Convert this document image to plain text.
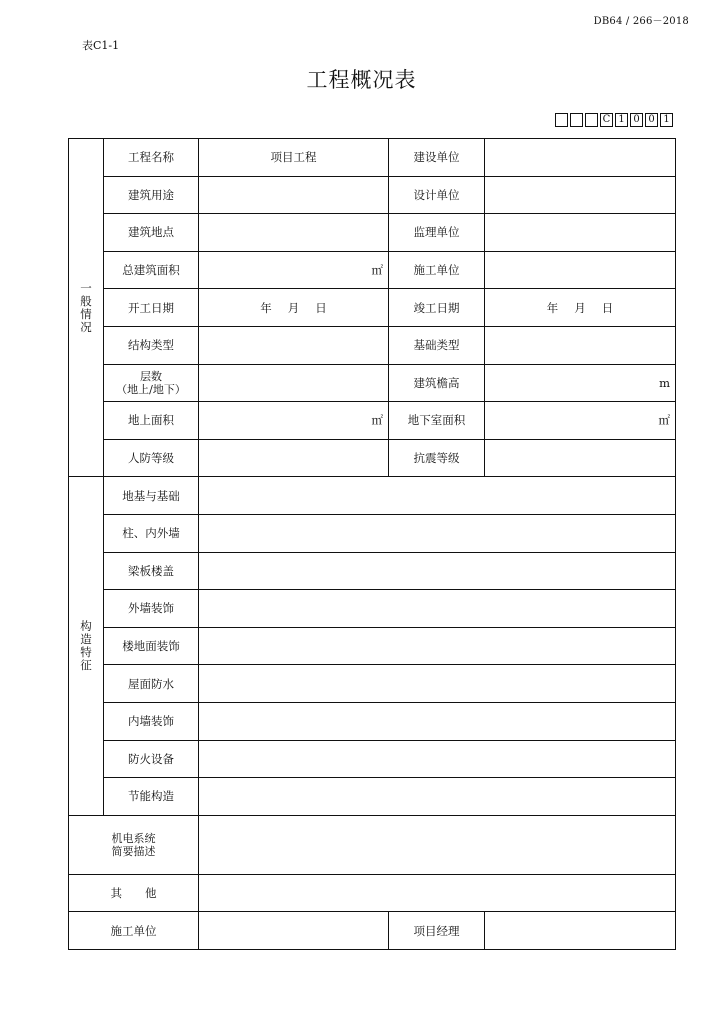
DB64 / 266－2018
表C1-1
工程概况表
C 1 0 0 1
一般情况	工程名称	项目工程	建设单位	
	建筑用途		设计单位	
	建筑地点		监理单位	
	总建筑面积	㎡	施工单位	
	开工日期	年 月 日	竣工日期	年 月 日
	结构类型		基础类型	

	层数
（地上/地下）		建筑檐高	m
	地上面积	㎡	地下室面积	㎡
	人防等级		抗震等级	
构造特征	地基与基础			
	柱、内外墙			
	梁板楼盖			
	外墙装饰			
	楼地面装饰			
	屋面防水			
	内墙装饰			
	防火设备			
	节能构造			

机电系统
简要描述				

其　　他				
施工单位			项目经理	
